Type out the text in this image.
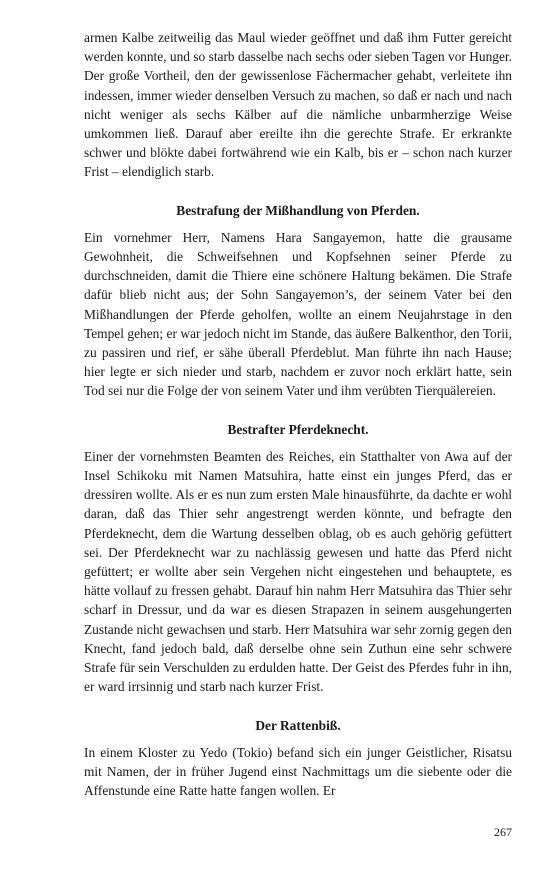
armen Kalbe zeitweilig das Maul wieder geöffnet und daß ihm Futter gereicht werden konnte, und so starb dasselbe nach sechs oder sieben Tagen vor Hunger. Der große Vortheil, den der gewissenlose Fächermacher gehabt, verleitete ihn indessen, immer wieder denselben Versuch zu machen, so daß er nach und nach nicht weniger als sechs Kälber auf die nämliche unbarmherzige Weise umkommen ließ. Darauf aber ereilte ihn die gerechte Strafe. Er erkrankte schwer und blökte dabei fortwährend wie ein Kalb, bis er – schon nach kurzer Frist – elendiglich starb.

Bestrafung der Mißhandlung von Pferden.

Ein vornehmer Herr, Namens Hara Sangayemon, hatte die grausame Gewohnheit, die Schweifsehnen und Kopfsehnen seiner Pferde zu durchschneiden, damit die Thiere eine schönere Haltung bekämen. Die Strafe dafür blieb nicht aus; der Sohn Sangayemon’s, der seinem Vater bei den Mißhandlungen der Pferde geholfen, wollte an einem Neujahrstage in den Tempel gehen; er war jedoch nicht im Stande, das äußere Balkenthor, den Torii, zu passiren und rief, er sähe überall Pferdeblut. Man führte ihn nach Hause; hier legte er sich nieder und starb, nachdem er zuvor noch erklärt hatte, sein Tod sei nur die Folge der von seinem Vater und ihm verübten Tierquälereien.

Bestrafter Pferdeknecht.

Einer der vornehmsten Beamten des Reiches, ein Statthalter von Awa auf der Insel Schikoku mit Namen Matsuhira, hatte einst ein junges Pferd, das er dressiren wollte. Als er es nun zum ersten Male hinausführte, da dachte er wohl daran, daß das Thier sehr angestrengt werden könnte, und befragte den Pferdeknecht, dem die Wartung desselben oblag, ob es auch gehörig gefüttert sei. Der Pferdeknecht war zu nachlässig gewesen und hatte das Pferd nicht gefüttert; er wollte aber sein Vergehen nicht eingestehen und behauptete, es hätte vollauf zu fressen gehabt. Darauf hin nahm Herr Matsuhira das Thier sehr scharf in Dressur, und da war es diesen Strapazen in seinem ausgehungerten Zustande nicht gewachsen und starb. Herr Matsuhira war sehr zornig gegen den Knecht, fand jedoch bald, daß derselbe ohne sein Zuthun eine sehr schwere Strafe für sein Verschulden zu erdulden hatte. Der Geist des Pferdes fuhr in ihn, er ward irrsinnig und starb nach kurzer Frist.

Der Rattenbiß.

In einem Kloster zu Yedo (Tokio) befand sich ein junger Geistlicher, Risatsu mit Namen, der in früher Jugend einst Nachmittags um die siebente oder die Affenstunde eine Ratte hatte fangen wollen. Er

267
